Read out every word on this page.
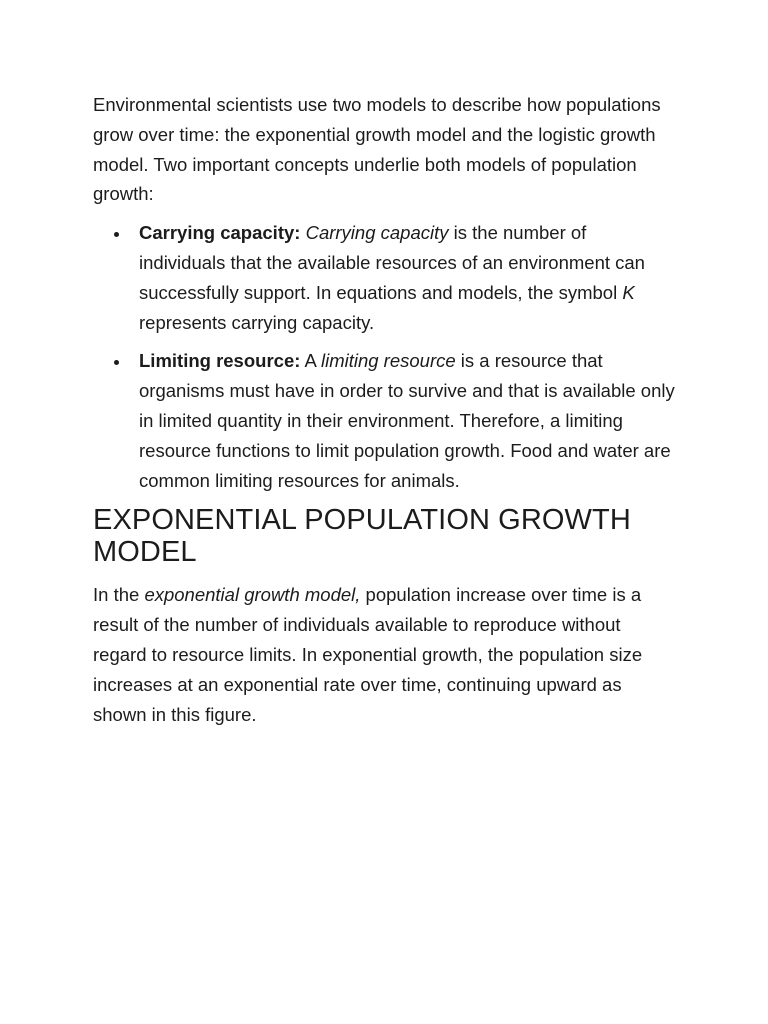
Environmental scientists use two models to describe how populations grow over time: the exponential growth model and the logistic growth model. Two important concepts underlie both models of population growth:

Carrying capacity: Carrying capacity is the number of individuals that the available resources of an environment can successfully support. In equations and models, the symbol K represents carrying capacity.
Limiting resource: A limiting resource is a resource that organisms must have in order to survive and that is available only in limited quantity in their environment. Therefore, a limiting resource functions to limit population growth. Food and water are common limiting resources for animals.
EXPONENTIAL POPULATION GROWTH MODEL

In the exponential growth model, population increase over time is a result of the number of individuals available to reproduce without regard to resource limits. In exponential growth, the population size increases at an exponential rate over time, continuing upward as shown in this figure.
